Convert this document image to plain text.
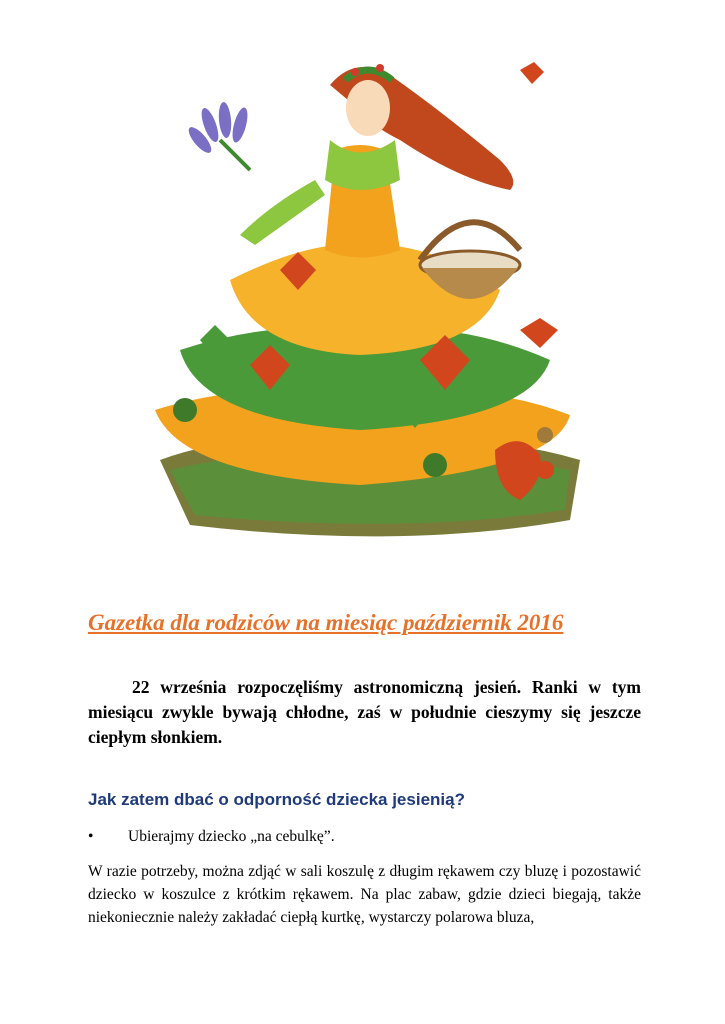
Gazetka dla rodziców na miesiąc październik 2016
22 września rozpoczęliśmy astronomiczną jesień. Ranki w tym miesiącu zwykle bywają chłodne, zaś w południe cieszymy się jeszcze ciepłym słonkiem.
Jak zatem dbać o odporność dziecka jesienią?
• Ubierajmy dziecko „na cebulkę”.
W razie potrzeby, można zdjąć w sali koszulę z długim rękawem czy bluzę i pozostawić dziecko w koszulce z krótkim rękawem. Na plac zabaw, gdzie dzieci biegają, także niekoniecznie należy zakładać ciepłą kurtkę, wystarczy polarowa bluza,
